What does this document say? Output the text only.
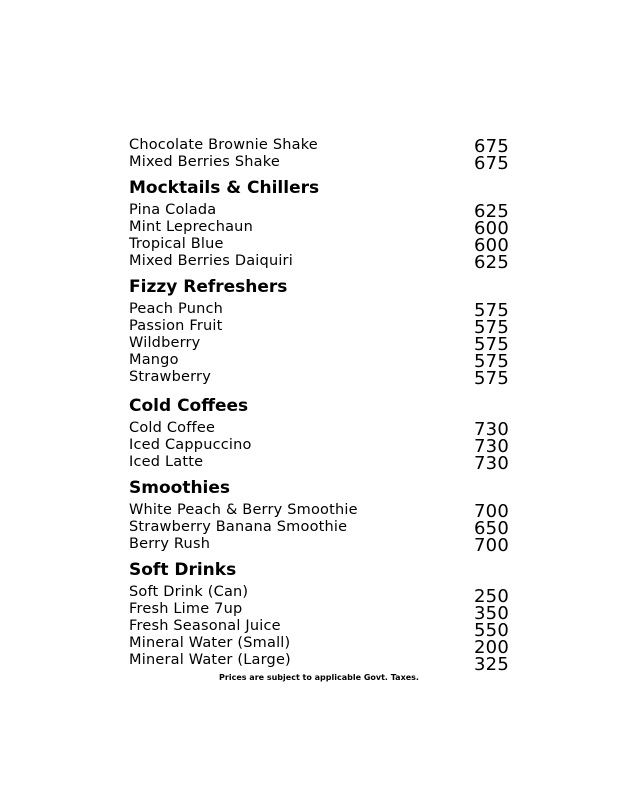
Chocolate Brownie Shake	675
Mixed Berries Shake	675
Mocktails & Chillers
Pina Colada	625
Mint Leprechaun	600
Tropical Blue	600
Mixed Berries Daiquiri	625
Fizzy Refreshers
Peach Punch	575
Passion Fruit	575
Wildberry	575
Mango	575
Strawberry	575
Cold Coffees
Cold Coffee	730
Iced Cappuccino	730
Iced Latte	730
Smoothies
White Peach & Berry Smoothie	700
Strawberry Banana Smoothie	650
Berry Rush	700
Soft Drinks
Soft Drink (Can)	250
Fresh Lime 7up	350
Fresh Seasonal Juice	550
Mineral Water (Small)	200
Mineral Water (Large)	325
Prices are subject to applicable Govt. Taxes.
